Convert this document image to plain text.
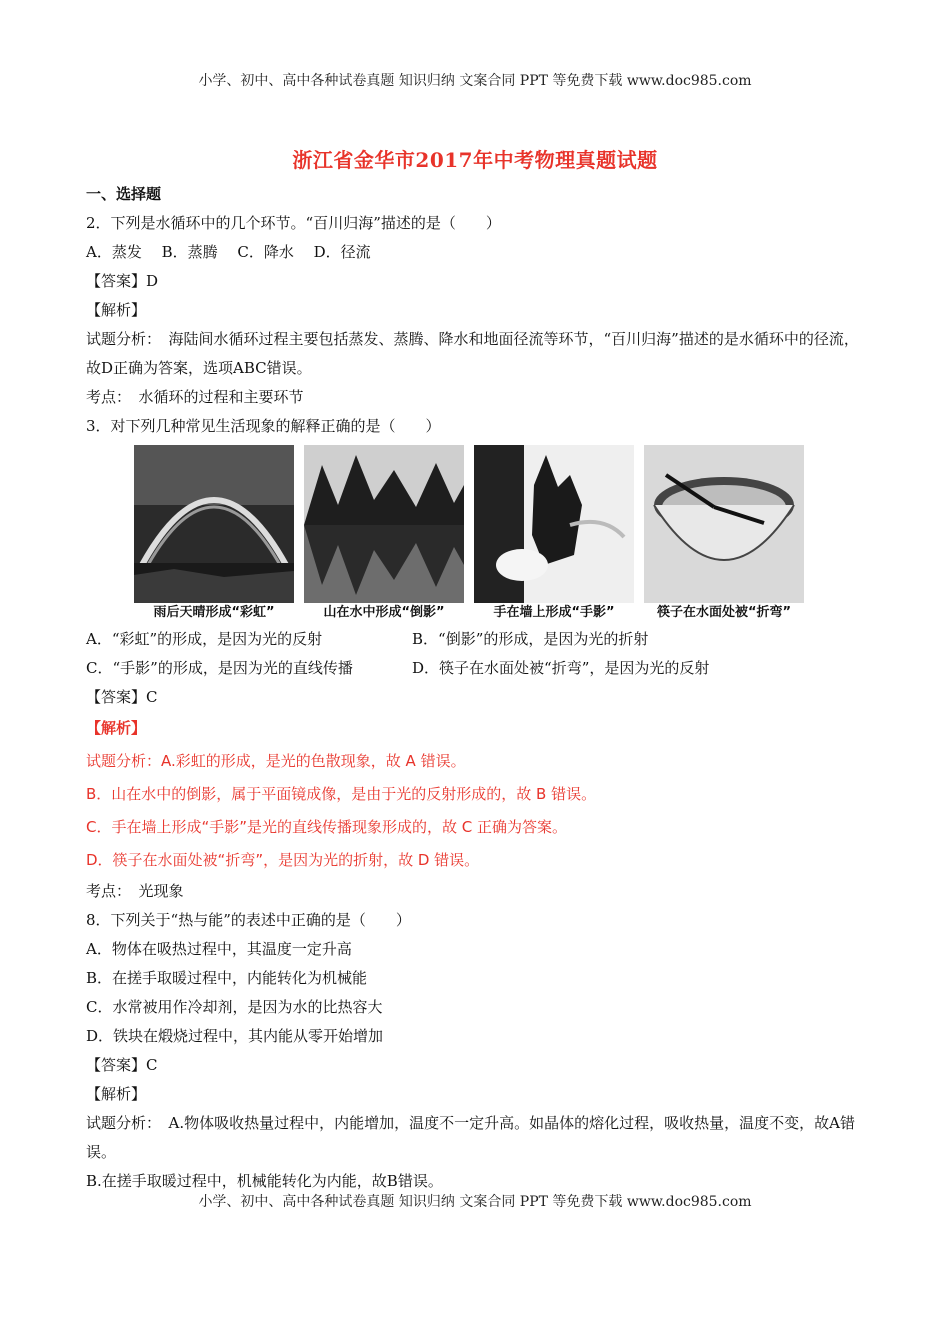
小学、初中、高中各种试卷真题 知识归纳 文案合同 PPT 等免费下载 www.doc985.com
浙江省金华市2017年中考物理真题试题

一、选择题

2．下列是水循环中的几个环节。“百川归海”描述的是（　　）

A．蒸发　 B．蒸腾　 C．降水　 D．径流

【答案】D

【解析】

试题分析：　海陆间水循环过程主要包括蒸发、蒸腾、降水和地面径流等环节，“百川归海”描述的是水循环中的径流，故D正确为答案，选项ABC错误。

考点：　水循环的过程和主要环节

3．对下列几种常见生活现象的解释正确的是（　　）

雨后天晴形成“彩虹”	山在水中形成“倒影”	手在墙上形成“手影”	筷子在水面处被“折弯”
A．“彩虹”的形成，是因为光的反射	B．“倒影”的形成，是因为光的折射
C．“手影”的形成，是因为光的直线传播	D．筷子在水面处被“折弯”，是因为光的反射

【答案】C

【解析】

试题分析：A.彩虹的形成，是光的色散现象，故 A 错误。

B．山在水中的倒影，属于平面镜成像，是由于光的反射形成的，故 B 错误。

C．手在墙上形成“手影”是光的直线传播现象形成的，故 C 正确为答案。

D．筷子在水面处被“折弯”，是因为光的折射，故 D 错误。

考点：　光现象

8．下列关于“热与能”的表述中正确的是（　　）

A．物体在吸热过程中，其温度一定升高

B．在搓手取暖过程中，内能转化为机械能

C．水常被用作冷却剂，是因为水的比热容大

D．铁块在煅烧过程中，其内能从零开始增加

【答案】C

【解析】

试题分析：　A.物体吸收热量过程中，内能增加，温度不一定升高。如晶体的熔化过程，吸收热量，温度不变，故A错误。

B.在搓手取暖过程中，机械能转化为内能，故B错误。

小学、初中、高中各种试卷真题 知识归纳 文案合同 PPT 等免费下载 www.doc985.com
